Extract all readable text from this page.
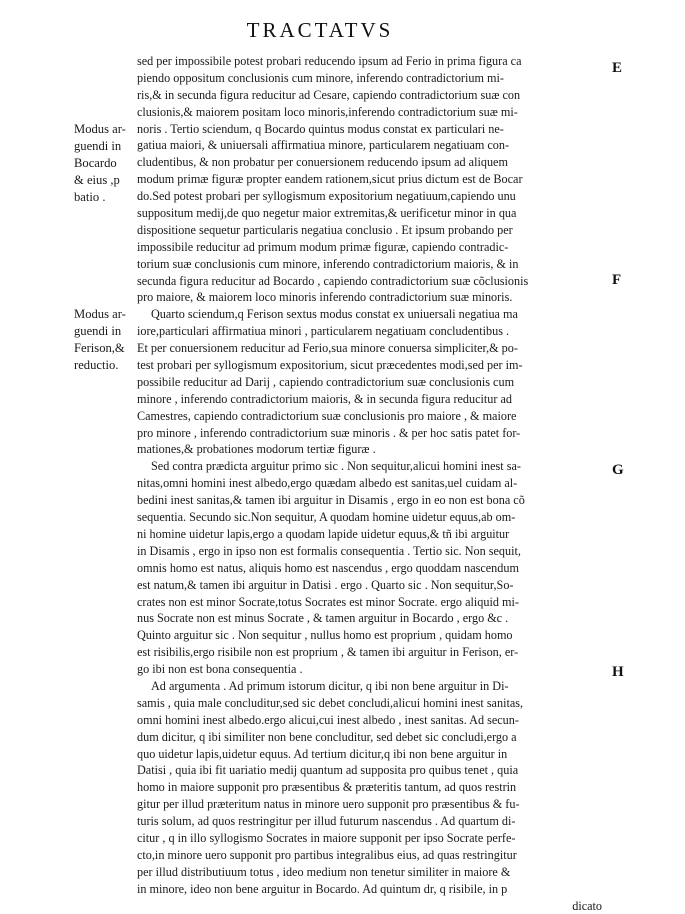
TRACTATVS
Modus ar-
guendi in
Bocardo
& eius ,p
batio .
Modus ar-
guendi in
Ferison,&
reductio.
E
F
G
H
sed per impossibile potest probari reducendo ipsum ad Ferio in prima figura ca
piendo oppositum conclusionis cum minore, inferendo contradictorium mi-
ris,& in secunda figura reducitur ad Cesare, capiendo contradictorium suæ con
clusionis,& maiorem positam loco minoris,inferendo contradictorium suæ mi-
noris . Tertio sciendum, q Bocardo quintus modus constat ex particulari ne-
gatiua maiori, & uniuersali affirmatiua minore, particularem negatiuam con-
cludentibus, & non probatur per conuersionem reducendo ipsum ad aliquem
modum primæ figuræ propter eandem rationem,sicut prius dictum est de Bocar
do.Sed potest probari per syllogismum expositorium negatiuum,capiendo unu
suppositum medij,de quo negetur maior extremitas,& uerificetur minor in qua
dispositione sequetur particularis negatiua conclusio . Et ipsum probando per
impossibile reducitur ad primum modum primæ figuræ, capiendo contradic-
torium suæ conclusionis cum minore, inferendo contradictorium maioris, & in
secunda figura reducitur ad Bocardo , capiendo contradictorium suæ cõclusionis
pro maiore, & maiorem loco minoris inferendo contradictorium suæ minoris.
Quarto sciendum,q Ferison sextus modus constat ex uniuersali negatiua ma
iore,particulari affirmatiua minori , particularem negatiuam concludentibus .
Et per conuersionem reducitur ad Ferio,sua minore conuersa simpliciter,& po-
test probari per syllogismum expositorium, sicut præcedentes modi,sed per im-
possibile reducitur ad Darij , capiendo contradictorium suæ conclusionis cum
minore , inferendo contradictorium maioris, & in secunda figura reducitur ad
Camestres, capiendo contradictorium suæ conclusionis pro maiore , & maiore
pro minore , inferendo contradictorium suæ minoris . & per hoc satis patet for-
mationes,& probationes modorum tertiæ figuræ .
Sed contra prædicta arguitur primo sic . Non sequitur,alicui homini inest sa-
nitas,omni homini inest albedo,ergo quædam albedo est sanitas,uel cuidam al-
bedini inest sanitas,& tamen ibi arguitur in Disamis , ergo in eo non est bona cõ
sequentia. Secundo sic.Non sequitur, A quodam homine uidetur equus,ab om-
ni homine uidetur lapis,ergo a quodam lapide uidetur equus,& tñ ibi arguitur
in Disamis , ergo in ipso non est formalis consequentia . Tertio sic. Non sequit,
omnis homo est natus, aliquis homo est nascendus , ergo quoddam nascendum
est natum,& tamen ibi arguitur in Datisi . ergo . Quarto sic . Non sequitur,So-
crates non est minor Socrate,totus Socrates est minor Socrate. ergo aliquid mi-
nus Socrate non est minus Socrate , & tamen arguitur in Bocardo , ergo &c .
Quinto arguitur sic . Non sequitur , nullus homo est proprium , quidam homo
est risibilis,ergo risibile non est proprium , & tamen ibi arguitur in Ferison, er-
go ibi non est bona consequentia .
Ad argumenta . Ad primum istorum dicitur, q ibi non bene arguitur in Di-
samis , quia male concluditur,sed sic debet concludi,alicui homini inest sanitas,
omni homini inest albedo.ergo alicui,cui inest albedo , inest sanitas. Ad secun-
dum dicitur, q ibi similiter non bene concluditur, sed debet sic concludi,ergo a
quo uidetur lapis,uidetur equus. Ad tertium dicitur,q ibi non bene arguitur in
Datisi , quia ibi fit uariatio medij quantum ad supposita pro quibus tenet , quia
homo in maiore supponit pro præsentibus & præteritis tantum, ad quos restrin
gitur per illud præteritum natus in minore uero supponit pro præsentibus & fu-
turis solum, ad quos restringitur per illud futurum nascendus . Ad quartum di-
citur , q in illo syllogismo Socrates in maiore supponit per ipso Socrate perfe-
cto,in minore uero supponit pro partibus integralibus eius, ad quas restringitur
per illud distributiuum totus , ideo medium non tenetur similiter in maiore &
in minore, ideo non bene arguitur in Bocardo. Ad quintum dr, q risibile, in p
dicato
